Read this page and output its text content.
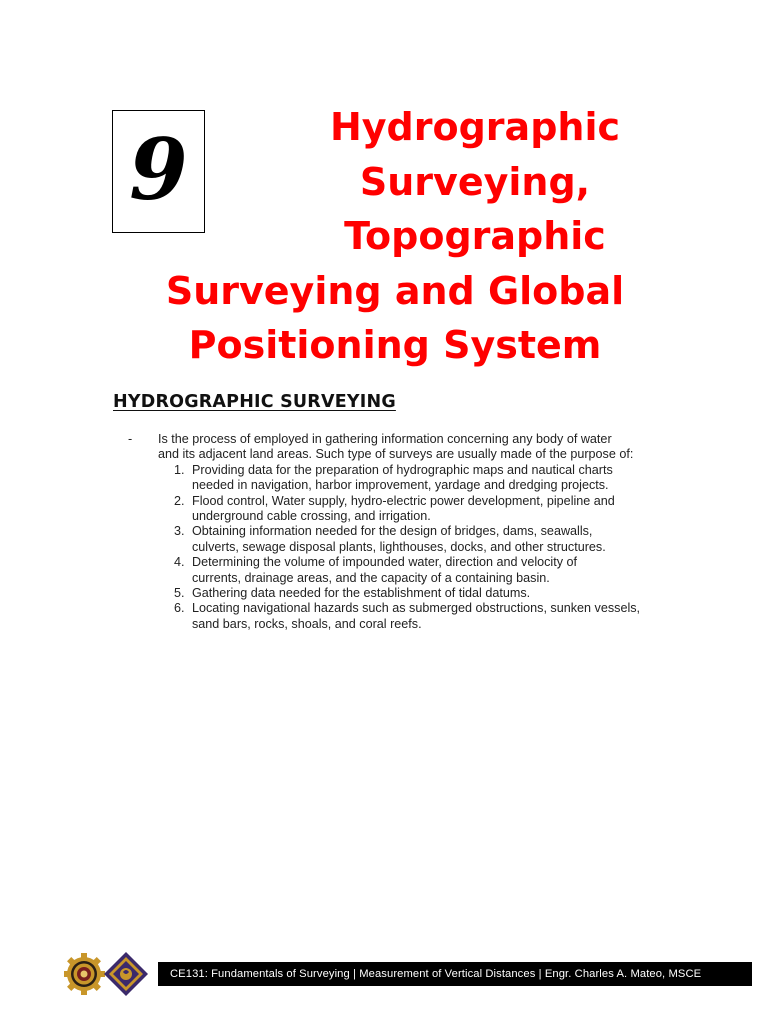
9	Hydrographic
Surveying,
Topographic
Surveying and Global
Positioning System
HYDROGRAPHIC SURVEYING
- Is the process of employed in gathering information concerning any body of water
and its adjacent land areas. Such type of surveys are usually made of the purpose of:
1. Providing data for the preparation of hydrographic maps and nautical charts
needed in navigation, harbor improvement, yardage and dredging projects.
2. Flood control, Water supply, hydro-electric power development, pipeline and
underground cable crossing, and irrigation.
3. Obtaining information needed for the design of bridges, dams, seawalls,
culverts, sewage disposal plants, lighthouses, docks, and other structures.
4. Determining the volume of impounded water, direction and velocity of
currents, drainage areas, and the capacity of a containing basin.
5. Gathering data needed for the establishment of tidal datums.
6. Locating navigational hazards such as submerged obstructions, sunken vessels,
sand bars, rocks, shoals, and coral reefs.
CE131: Fundamentals of Surveying | Measurement of Vertical Distances | Engr. Charles A. Mateo, MSCE
